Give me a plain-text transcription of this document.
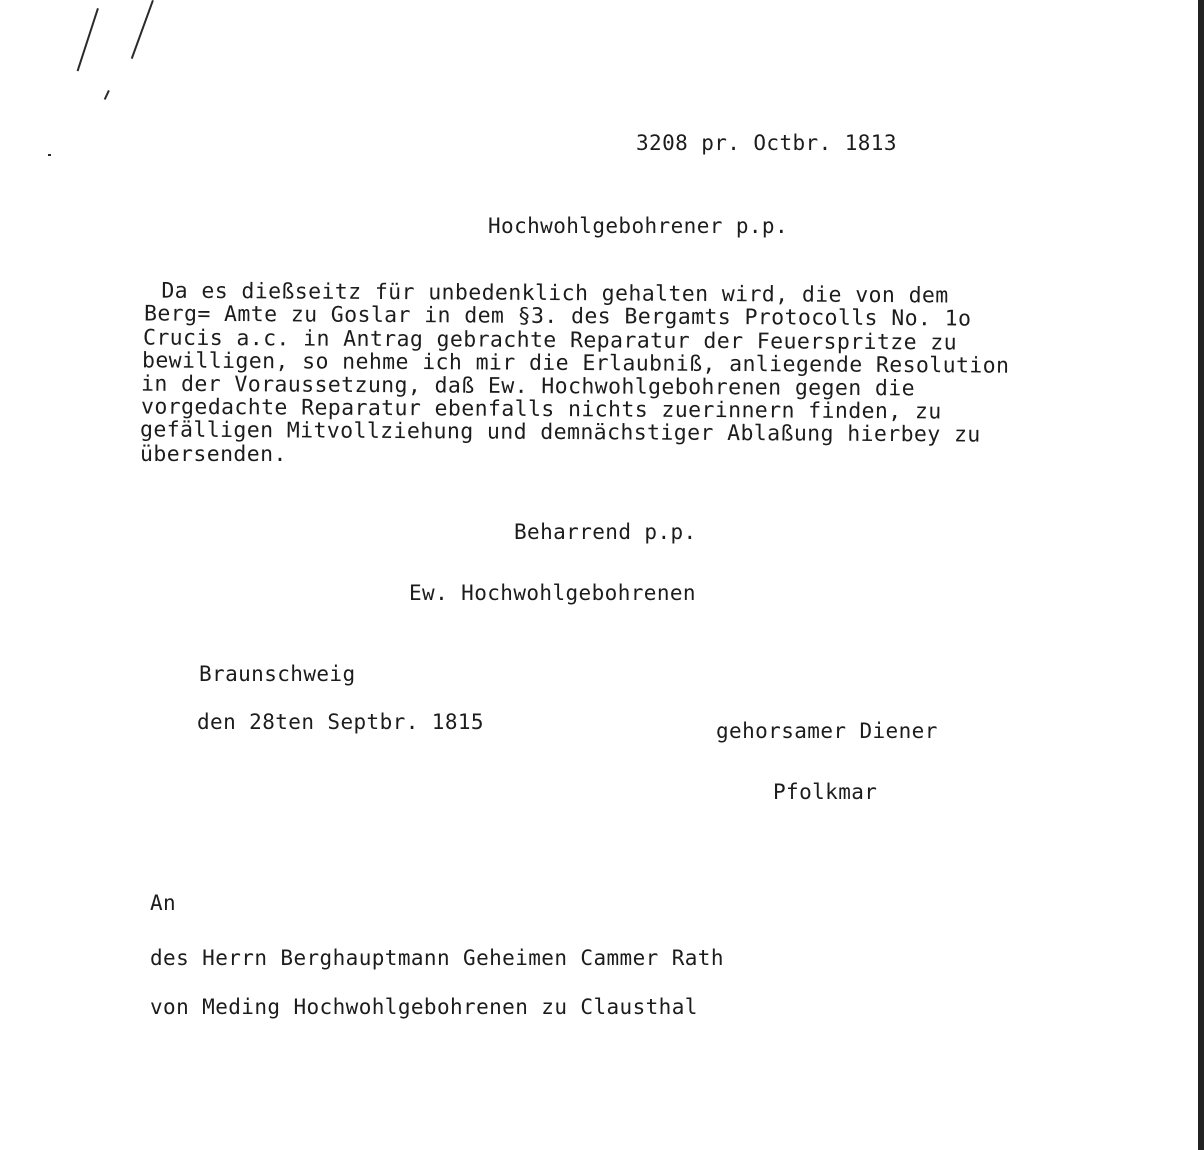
3208 pr. Octbr. 1813
Hochwohlgebohrener p.p.
Da es dießseitz für unbedenklich gehalten wird, die von dem
Berg= Amte zu Goslar in dem §3. des Bergamts Protocolls No. 1o
Crucis a.c. in Antrag gebrachte Reparatur der Feuerspritze zu
bewilligen, so nehme ich mir die Erlaubniß, anliegende Resolution
in der Voraussetzung, daß Ew. Hochwohlgebohrenen gegen die
vorgedachte Reparatur ebenfalls nichts zuerinnern finden, zu
gefälligen Mitvollziehung und demnächstiger Ablaßung hierbey zu
übersenden.
Beharrend p.p.
Ew. Hochwohlgebohrenen
Braunschweig
den 28ten Septbr. 1815	gehorsamer Diener
Pfolkmar
An
des Herrn Berghauptmann Geheimen Cammer Rath
von Meding Hochwohlgebohrenen zu Clausthal
